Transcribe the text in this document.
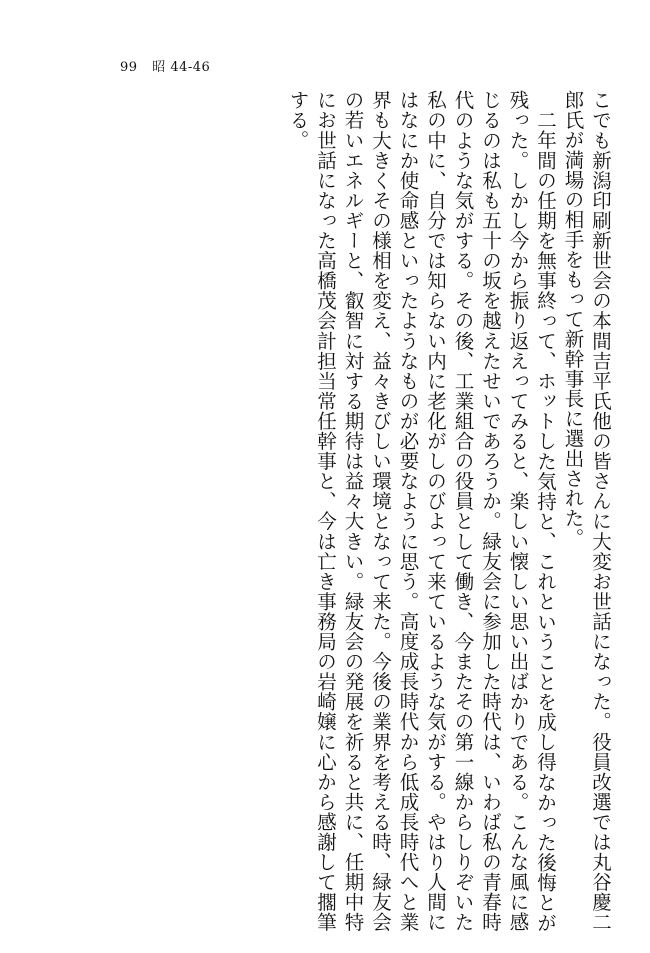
99 昭 44-46

こでも新潟印刷新世会の本間吉平氏他の皆さんに大変お世話になった。役員改選では丸谷慶二郎氏が満場の相手をもって新幹事長に選出された。

二年間の任期を無事終って、ホットした気持と、これということを成し得なかった後悔とが残った。しかし今から振り返えってみると、楽しい懐しい思い出ばかりである。こんな風に感じるのは私も五十の坂を越えたせいであろうか。緑友会に参加した時代は、いわば私の青春時代のような気がする。その後、工業組合の役員として働き、今またその第一線からしりぞいた私の中に、自分では知らない内に老化がしのびよって来ているような気がする。やはり人間にはなにか使命感といったようなものが必要なように思う。高度成長時代から低成長時代へと業界も大きくその様相を変え、益々きびしい環境となって来た。今後の業界を考える時、緑友会の若いエネルギーと、叡智に対する期待は益々大きい。緑友会の発展を祈ると共に、任期中特にお世話になった高橋茂会計担当常任幹事と、今は亡き事務局の岩崎嬢に心から感謝して擱筆する。
